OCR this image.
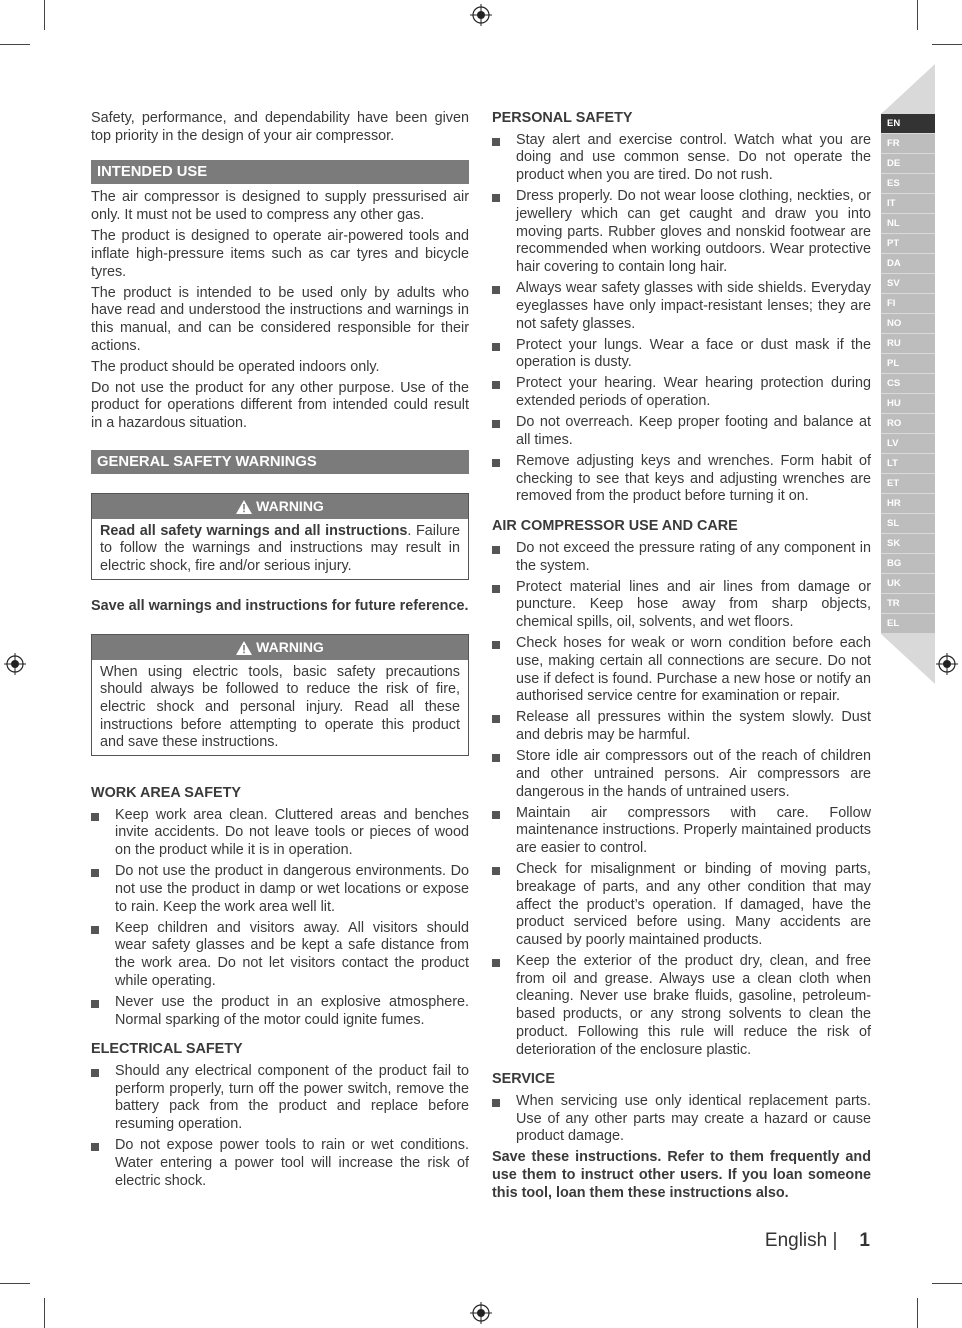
EN
FR
DE
ES
IT
NL
PT
DA
SV
FI
NO
RU
PL
CS
HU
RO
LV
LT
ET
HR
SL
SK
BG
UK
TR
EL

Safety, performance, and dependability have been given top priority in the design of your air compressor.

INTENDED USE

The air compressor is designed to supply pressurised air only. It must not be used to compress any other gas.

The product is designed to operate air-powered tools and inflate high-pressure items such as car tyres and bicycle tyres.

The product is intended to be used only by adults who have read and understood the instructions and warnings in this manual, and can be considered responsible for their actions.

The product should be operated indoors only.

Do not use the product for any other purpose. Use of the product for operations different from intended could result in a hazardous situation.

GENERAL SAFETY WARNINGS
WARNING
Read all safety warnings and all instructions. Failure to follow the warnings and instructions may result in electric shock, fire and/or serious injury.

Save all warnings and instructions for future reference.

WARNING
When using electric tools, basic safety precautions should always be followed to reduce the risk of fire, electric shock and personal injury. Read all these instructions before attempting to operate this product and save these instructions.
WORK AREA SAFETY
Keep work area clean. Cluttered areas and benches invite accidents. Do not leave tools or pieces of wood on the product while it is in operation.
Do not use the product in dangerous environments. Do not use the product in damp or wet locations or expose to rain. Keep the work area well lit.
Keep children and visitors away. All visitors should wear safety glasses and be kept a safe distance from the work area. Do not let visitors contact the product while operating.
Never use the product in an explosive atmosphere. Normal sparking of the motor could ignite fumes.
ELECTRICAL SAFETY
Should any electrical component of the product fail to perform properly, turn off the power switch, remove the battery pack from the product and replace before resuming operation.
Do not expose power tools to rain or wet conditions. Water entering a power tool will increase the risk of electric shock.
PERSONAL SAFETY
Stay alert and exercise control. Watch what you are doing and use common sense. Do not operate the product when you are tired. Do not rush.
Dress properly. Do not wear loose clothing, neckties, or jewellery which can get caught and draw you into moving parts. Rubber gloves and nonskid footwear are recommended when working outdoors. Wear protective hair covering to contain long hair.
Always wear safety glasses with side shields. Everyday eyeglasses have only impact-resistant lenses; they are not safety glasses.
Protect your lungs. Wear a face or dust mask if the operation is dusty.
Protect your hearing. Wear hearing protection during extended periods of operation.
Do not overreach. Keep proper footing and balance at all times.
Remove adjusting keys and wrenches. Form habit of checking to see that keys and adjusting wrenches are removed from the product before turning it on.
AIR COMPRESSOR USE AND CARE
Do not exceed the pressure rating of any component in the system.
Protect material lines and air lines from damage or puncture. Keep hose away from sharp objects, chemical spills, oil, solvents, and wet floors.
Check hoses for weak or worn condition before each use, making certain all connections are secure. Do not use if defect is found. Purchase a new hose or notify an authorised service centre for examination or repair.
Release all pressures within the system slowly. Dust and debris may be harmful.
Store idle air compressors out of the reach of children and other untrained persons. Air compressors are dangerous in the hands of untrained users.
Maintain air compressors with care. Follow maintenance instructions. Properly maintained products are easier to control.
Check for misalignment or binding of moving parts, breakage of parts, and any other condition that may affect the product’s operation. If damaged, have the product serviced before using. Many accidents are caused by poorly maintained products.
Keep the exterior of the product dry, clean, and free from oil and grease. Always use a clean cloth when cleaning. Never use brake fluids, gasoline, petroleum-based products, or any strong solvents to clean the product. Following this rule will reduce the risk of deterioration of the enclosure plastic.
SERVICE
When servicing use only identical replacement parts. Use of any other parts may create a hazard or cause product damage.

Save these instructions. Refer to them frequently and use them to instruct other users. If you loan someone this tool, loan them these instructions also.

English | 1
